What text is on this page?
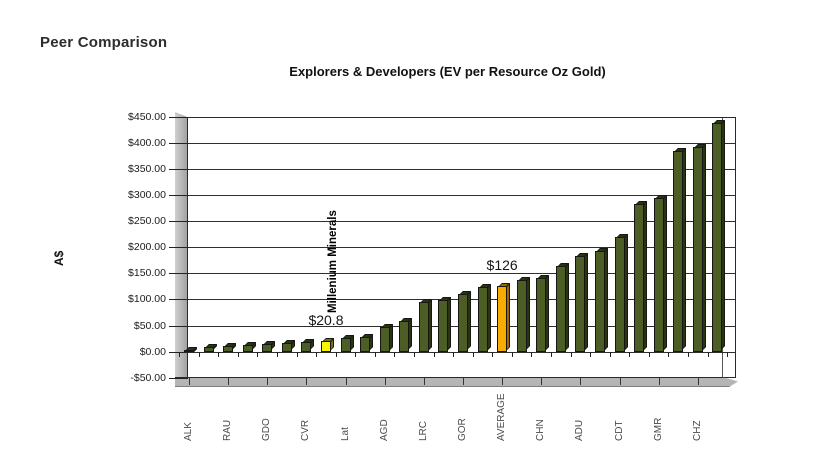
Peer Comparison
Explorers & Developers (EV per Resource Oz Gold)
A$
$450.00
$400.00
$350.00
$300.00
$250.00
$200.00
$150.00
$100.00
$50.00
$0.00
-$50.00
ALK	RAU	GDO	CVR	Lat	AGD	LRC	GOR	AVERAGE	CHN	ADU	CDT	GMR	CHZ
Millenium Minerals
$20.8
$126
